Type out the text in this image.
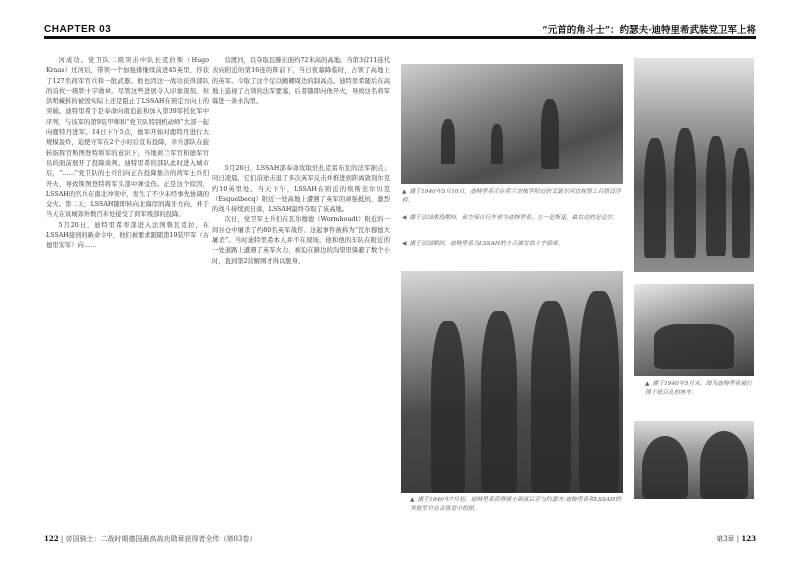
CHAPTER 03	“元首的角斗士”：约瑟夫·迪特里希武装党卫军上将

河成功。党卫队二级突击中队长克拉斯（Hugo Kraas）过河后，带领一个加强排继续前进45英里，俘获了127名荷军官兵和一批武器。他也因这一战功获得部队的首枚一级铁十字勋章。尽管这些进展令人印象深刻，但洪明藏拆的被毁实际上还是阻止了LSSAH在预定方向上的突破。迪特里希于是奉命向南追赶和加入第39军托化军中序列，与该军的第9装甲师和“党卫队特别机动师”大部一起向鹿特丹进军。14日下午5点，德军开始对鹿特丹进行大规模轰炸，迫使守军在2个小时后宣布投降，幸兵部队在旋转指挥官斯图登特将军的意识下，当地荷兰军官和德军官员的面前展开了投降谈判。迪特里希的部队此时进入城市后，“……”党卫队的士兵们向正在投降集合的荷军士兵们开火，导致斯图登特将军头部中弹受伤。正是这个原因，LSSAH的官兵在南北冲突中，发生了不少未经事先协调的交火。第二天，LSSAH随即转向北海岸的海牙方向，并于当天在该城郊外数百米处接受了荷军残部的投降。

5月20日，迪特里希率部进入法国鲁瓦克拉，在LSSAH接到的新命令中，他们被要求跟随第19装甲军（古德里安军）向……

营渡河，以夺取瓦滕东面约72米高的高地。当第3营11连代表向附近的第16连的阵前下，当日夜幕降临时，占领了高地上的英军。令取了这个足以鲍卿周边的制高点。迪特里希随后在高地上巡视了占领的法军要塞，后者随即向他开火，导致这名将军躲进一条水沟里。

5月26日，LSSAH部奉命攻取驻扎克雷布瓦的法军据点；同日凌晨，它们沿途击退了多次英军反击并推进到距离敦刻尔克约10英里处。当天下午，LSSAH在附近的埃斯奎尔贝克（Esquelbecq）附近一处高地上遭遇了英军的顽强抵抗，激烈的战斗持续到日落，LSSAH最终夺取了该高地。

次日，党卫军士兵们在瓦尔穆德（Wormhoudt）附近的一间谷仓中屠杀了约80名英军战俘。这起事件被称为“瓦尔穆德大屠杀”。当时迪特里希本人并不在现场，他和他的车队在附近的一处道路上遭遇了英军火力，被迫在路边的沟渠里躲避了数个小时，直到第2营解围才得以脱身。

▲ 摄于1940年5月10日，迪特里希正在荷兰奈梅亨附近的艾瑟尔河边视察工兵搭设浮桥。
◀ 摄于法国战役期间，前方骑自行车者为迪特里希，左一是斯基，最右边的是迈尔。
◀ 摄于法国期间，迪特里希为LSSAH的士兵颁发铁十字勋章。
▲ 摄于1940年5月末，图为迪特里希被打得千疮百孔的座车。
▲ 摄于1940年7月初，迪特里希获得骑士勋章后正与约瑟夫·迪特里希和LSSAH的其他军官在会客室中拍照。
122 | 帝国骑士：二战时期德国最高战功勋章获得者全传（第03卷）	第3章 | 123
